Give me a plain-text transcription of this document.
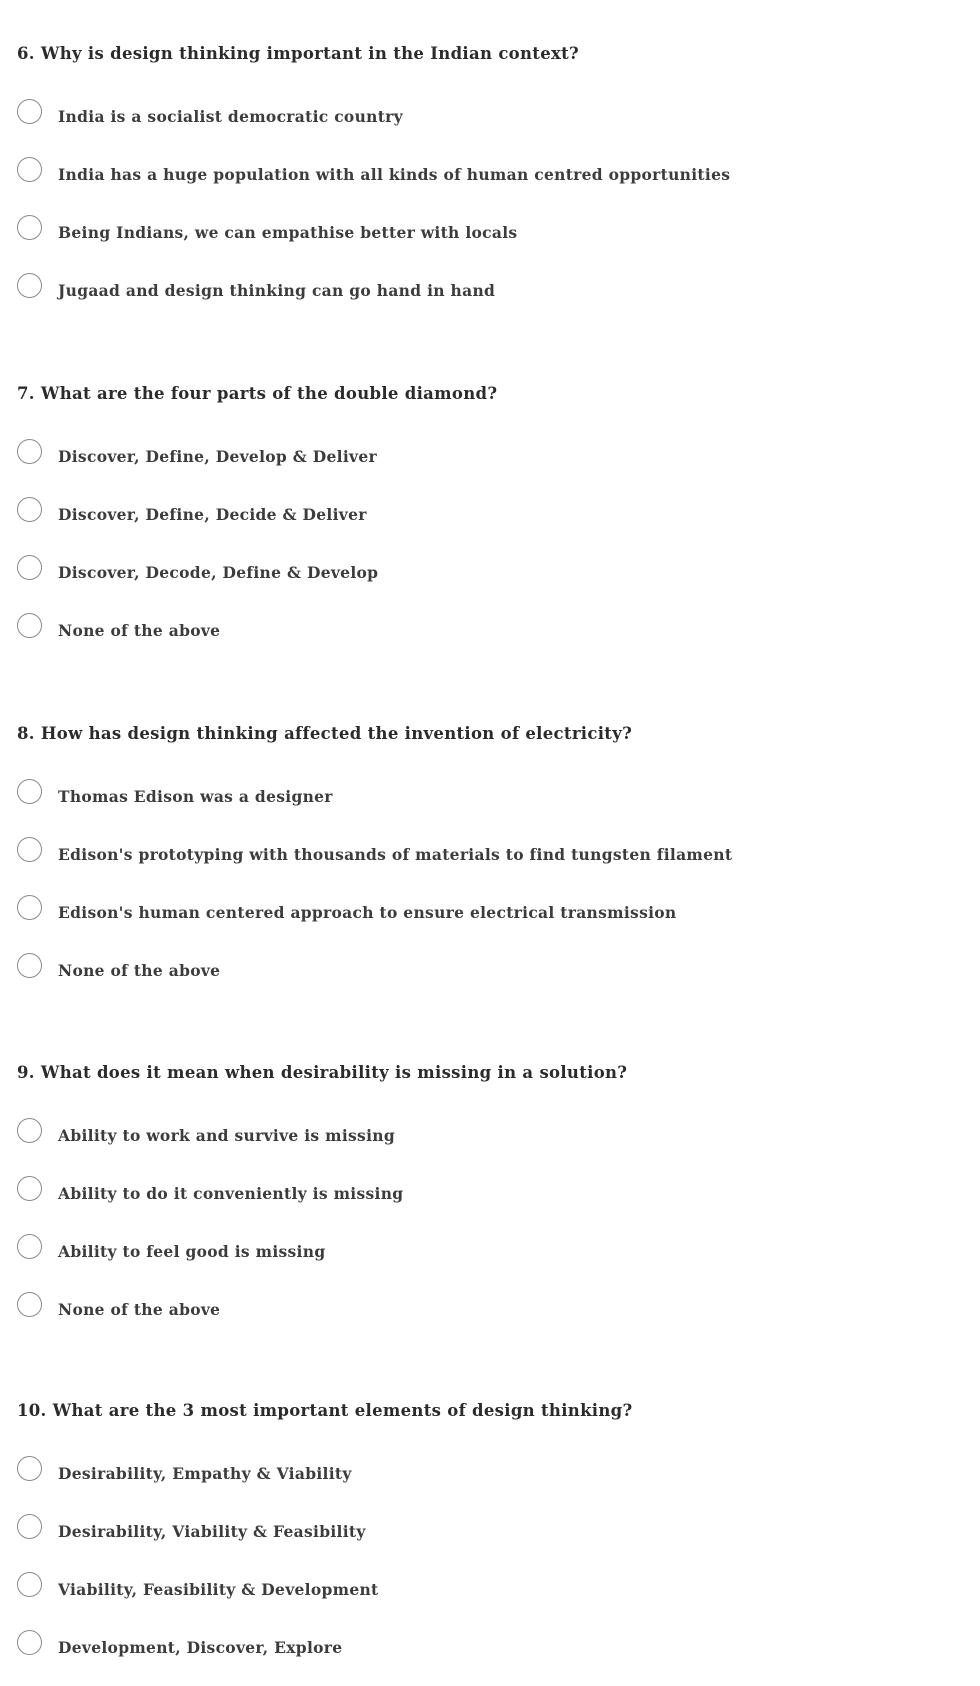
6. Why is design thinking important in the Indian context?
India is a socialist democratic country
India has a huge population with all kinds of human centred opportunities
Being Indians, we can empathise better with locals
Jugaad and design thinking can go hand in hand
7. What are the four parts of the double diamond?
Discover, Define, Develop & Deliver
Discover, Define, Decide & Deliver
Discover, Decode, Define & Develop
None of the above
8. How has design thinking affected the invention of electricity?
Thomas Edison was a designer
Edison's prototyping with thousands of materials to find tungsten filament
Edison's human centered approach to ensure electrical transmission
None of the above
9. What does it mean when desirability is missing in a solution?
Ability to work and survive is missing
Ability to do it conveniently is missing
Ability to feel good is missing
None of the above
10. What are the 3 most important elements of design thinking?
Desirability, Empathy & Viability
Desirability, Viability & Feasibility
Viability, Feasibility & Development
Development, Discover, Explore
